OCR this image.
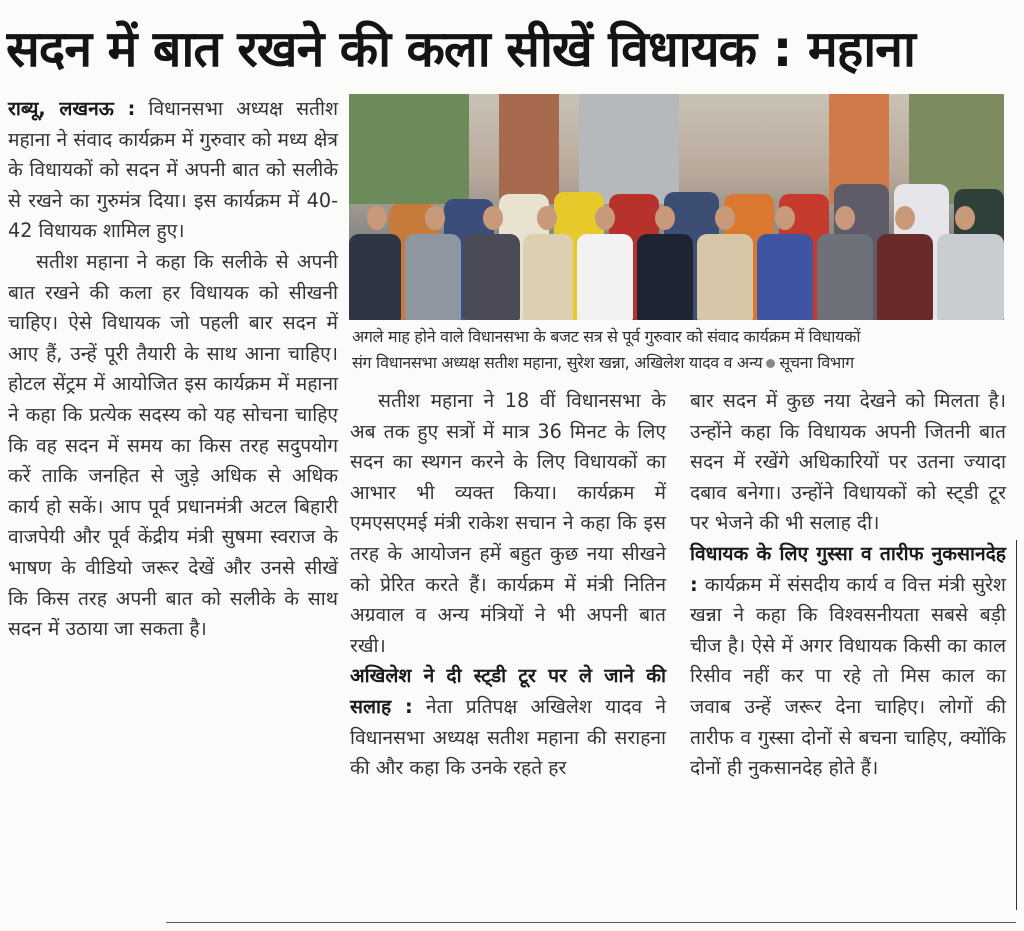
सदन में बात रखने की कला सीखें विधायक : महाना
अगले माह होने वाले विधानसभा के बजट सत्र से पूर्व गुरुवार को संवाद कार्यक्रम में विधायकों
संग विधानसभा अध्यक्ष सतीश महाना, सुरेश खन्ना, अखिलेश यादव व अन्य सूचना विभाग

राब्यू, लखनऊ : विधानसभा अध्यक्ष सतीश महाना ने संवाद कार्यक्रम में गुरुवार को मध्य क्षेत्र के विधायकों को सदन में अपनी बात को सलीके से रखने का गुरुमंत्र दिया। इस कार्यक्रम में 40-42 विधायक शामिल हुए।

सतीश महाना ने कहा कि सलीके से अपनी बात रखने की कला हर विधायक को सीखनी चाहिए। ऐसे विधायक जो पहली बार सदन में आए हैं, उन्हें पूरी तैयारी के साथ आना चाहिए। होटल सेंट्रम में आयोजित इस कार्यक्रम में महाना ने कहा कि प्रत्येक सदस्य को यह सोचना चाहिए कि वह सदन में समय का किस तरह सदुपयोग करें ताकि जनहित से जुड़े अधिक से अधिक कार्य हो सकें। आप पूर्व प्रधानमंत्री अटल बिहारी वाजपेयी और पूर्व केंद्रीय मंत्री सुषमा स्वराज के भाषण के वीडियो जरूर देखें और उनसे सीखें कि किस तरह अपनी बात को सलीके के साथ सदन में उठाया जा सकता है।

सतीश महाना ने 18 वीं विधानसभा के अब तक हुए सत्रों में मात्र 36 मिनट के लिए सदन का स्थगन करने के लिए विधायकों का आभार भी व्यक्त किया। कार्यक्रम में एमएसएमई मंत्री राकेश सचान ने कहा कि इस तरह के आयोजन हमें बहुत कुछ नया सीखने को प्रेरित करते हैं। कार्यक्रम में मंत्री नितिन अग्रवाल व अन्य मंत्रियों ने भी अपनी बात रखी।

अखिलेश ने दी स्ट्डी टूर पर ले जाने की सलाह : नेता प्रतिपक्ष अखिलेश यादव ने विधानसभा अध्यक्ष सतीश महाना की सराहना की और कहा कि उनके रहते हर

बार सदन में कुछ नया देखने को मिलता है। उन्होंने कहा कि विधायक अपनी जितनी बात सदन में रखेंगे अधिकारियों पर उतना ज्यादा दबाव बनेगा। उन्होंने विधायकों को स्ट्डी टूर पर भेजने की भी सलाह दी।

विधायक के लिए गुस्सा व तारीफ नुकसानदेह : कार्यक्रम में संसदीय कार्य व वित्त मंत्री सुरेश खन्ना ने कहा कि विश्वसनीयता सबसे बड़ी चीज है। ऐसे में अगर विधायक किसी का काल रिसीव नहीं कर पा रहे तो मिस काल का जवाब उन्हें जरूर देना चाहिए। लोगों की तारीफ व गुस्सा दोनों से बचना चाहिए, क्योंकि दोनों ही नुकसानदेह होते हैं।
